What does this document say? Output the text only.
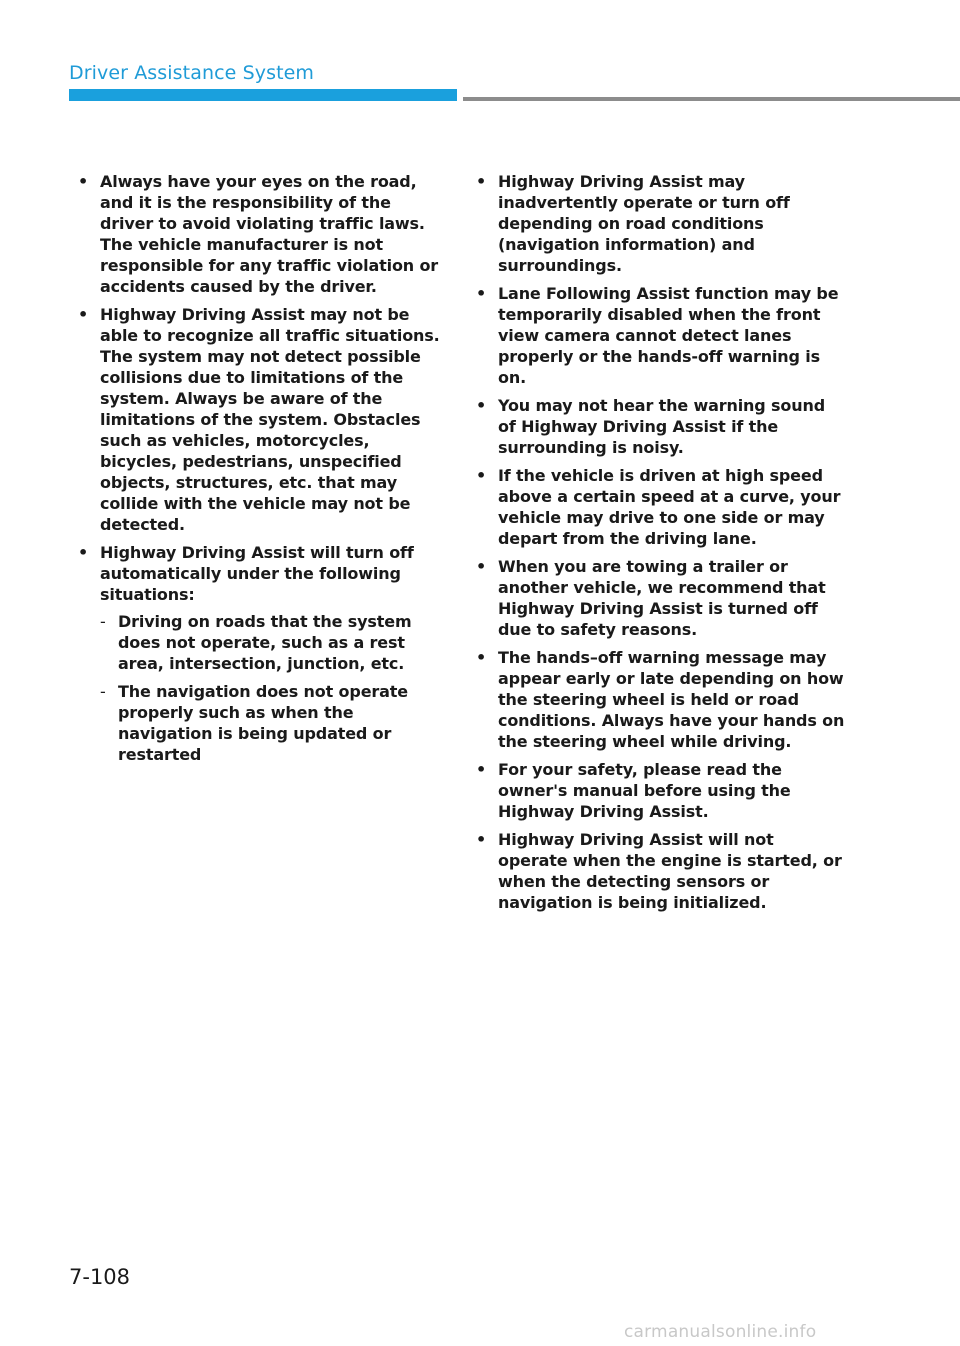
Driver Assistance System
• Always have your eyes on the road, and it is the responsibility of the driver to avoid violating traffic laws. The vehicle manufacturer is not responsible for any traffic violation or accidents caused by the driver.
• Highway Driving Assist may not be able to recognize all traffic situations. The system may not detect possible collisions due to limitations of the system. Always be aware of the limitations of the system. Obstacles such as vehicles, motorcycles, bicycles, pedestrians, unspecified objects, structures, etc. that may collide with the vehicle may not be detected.
• Highway Driving Assist will turn off automatically under the following situations:
- Driving on roads that the system does not operate, such as a rest area, intersection, junction, etc.
- The navigation does not operate properly such as when the navigation is being updated or restarted
• Highway Driving Assist may inadvertently operate or turn off depending on road conditions (navigation information) and surroundings.
• Lane Following Assist function may be temporarily disabled when the front view camera cannot detect lanes properly or the hands-off warning is on.
• You may not hear the warning sound of Highway Driving Assist if the surrounding is noisy.
• If the vehicle is driven at high speed above a certain speed at a curve, your vehicle may drive to one side or may depart from the driving lane.
• When you are towing a trailer or another vehicle, we recommend that Highway Driving Assist is turned off due to safety reasons.
• The hands–off warning message may appear early or late depending on how the steering wheel is held or road conditions. Always have your hands on the steering wheel while driving.
• For your safety, please read the owner's manual before using the Highway Driving Assist.
• Highway Driving Assist will not operate when the engine is started, or when the detecting sensors or navigation is being initialized.
7-108
carmanualsonline.info
